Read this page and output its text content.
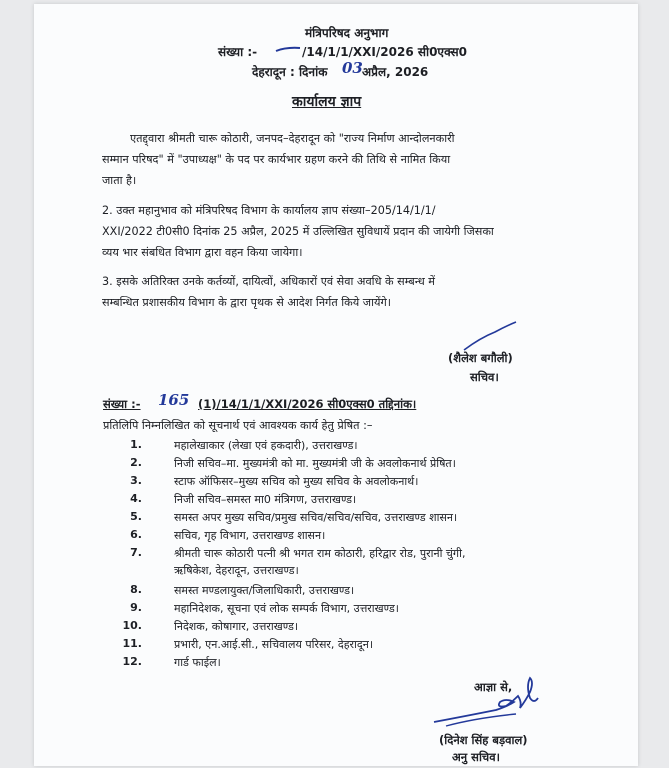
मंत्रिपरिषद अनुभाग
संख्या :-	/14/1/1/XXI/2026 सी0एक्स0
देहरादून : दिनांक 03 अप्रैल, 2026
कार्यालय ज्ञाप
एतद्द्वारा श्रीमती चारू कोठारी, जनपद–देहरादून को "राज्य निर्माण आन्दोलनकारी
सम्मान परिषद" में "उपाध्यक्ष" के पद पर कार्यभार ग्रहण करने की तिथि से नामित किया
जाता है।
2. उक्त महानुभाव को मंत्रिपरिषद विभाग के कार्यालय ज्ञाप संख्या–205/14/1/1/
XXI/2022 टी0सी0 दिनांक 25 अप्रैल, 2025 में उल्लिखित सुविधायें प्रदान की जायेगी जिसका
व्यय भार संबधित विभाग द्वारा वहन किया जायेगा।
3. इसके अतिरिक्त उनके कर्तव्यों, दायित्वों, अधिकारों एवं सेवा अवधि के सम्बन्ध में
सम्बन्धित प्रशासकीय विभाग के द्वारा पृथक से आदेश निर्गत किये जायेंगे।
(शैलेश बगौली)
सचिव।
संख्या :- 165 (1)/14/1/1/XXI/2026 सी0एक्स0 तद्दिनांक।
प्रतिलिपि निम्नलिखित को सूचनार्थ एवं आवश्यक कार्य हेतु प्रेषित :–
1.	महालेखाकार (लेखा एवं हकदारी), उत्तराखण्ड।
2.	निजी सचिव–मा. मुख्यमंत्री को मा. मुख्यमंत्री जी के अवलोकनार्थ प्रेषित।
3.	स्टाफ ऑफिसर–मुख्य सचिव को मुख्य सचिव के अवलोकनार्थ।
4.	निजी सचिव–समस्त मा0 मंत्रिगण, उत्तराखण्ड।
5.	समस्त अपर मुख्य सचिव/प्रमुख सचिव/सचिव/सचिव, उत्तराखण्ड शासन।
6.	सचिव, गृह विभाग, उत्तराखण्ड शासन।
7.	श्रीमती चारू कोठारी पत्नी श्री भगत राम कोठारी, हरिद्वार रोड, पुरानी चुंगी,
ऋषिकेश, देहरादून, उत्तराखण्ड।
8.	समस्त मण्डलायुक्त/जिलाधिकारी, उत्तराखण्ड।
9.	महानिदेशक, सूचना एवं लोक सम्पर्क विभाग, उत्तराखण्ड।
10.	निदेशक, कोषागार, उत्तराखण्ड।
11.	प्रभारी, एन.आई.सी., सचिवालय परिसर, देहरादून।
12.	गार्ड फाईल।
आज्ञा से,
(दिनेश सिंह बड़वाल)
अनु सचिव।
